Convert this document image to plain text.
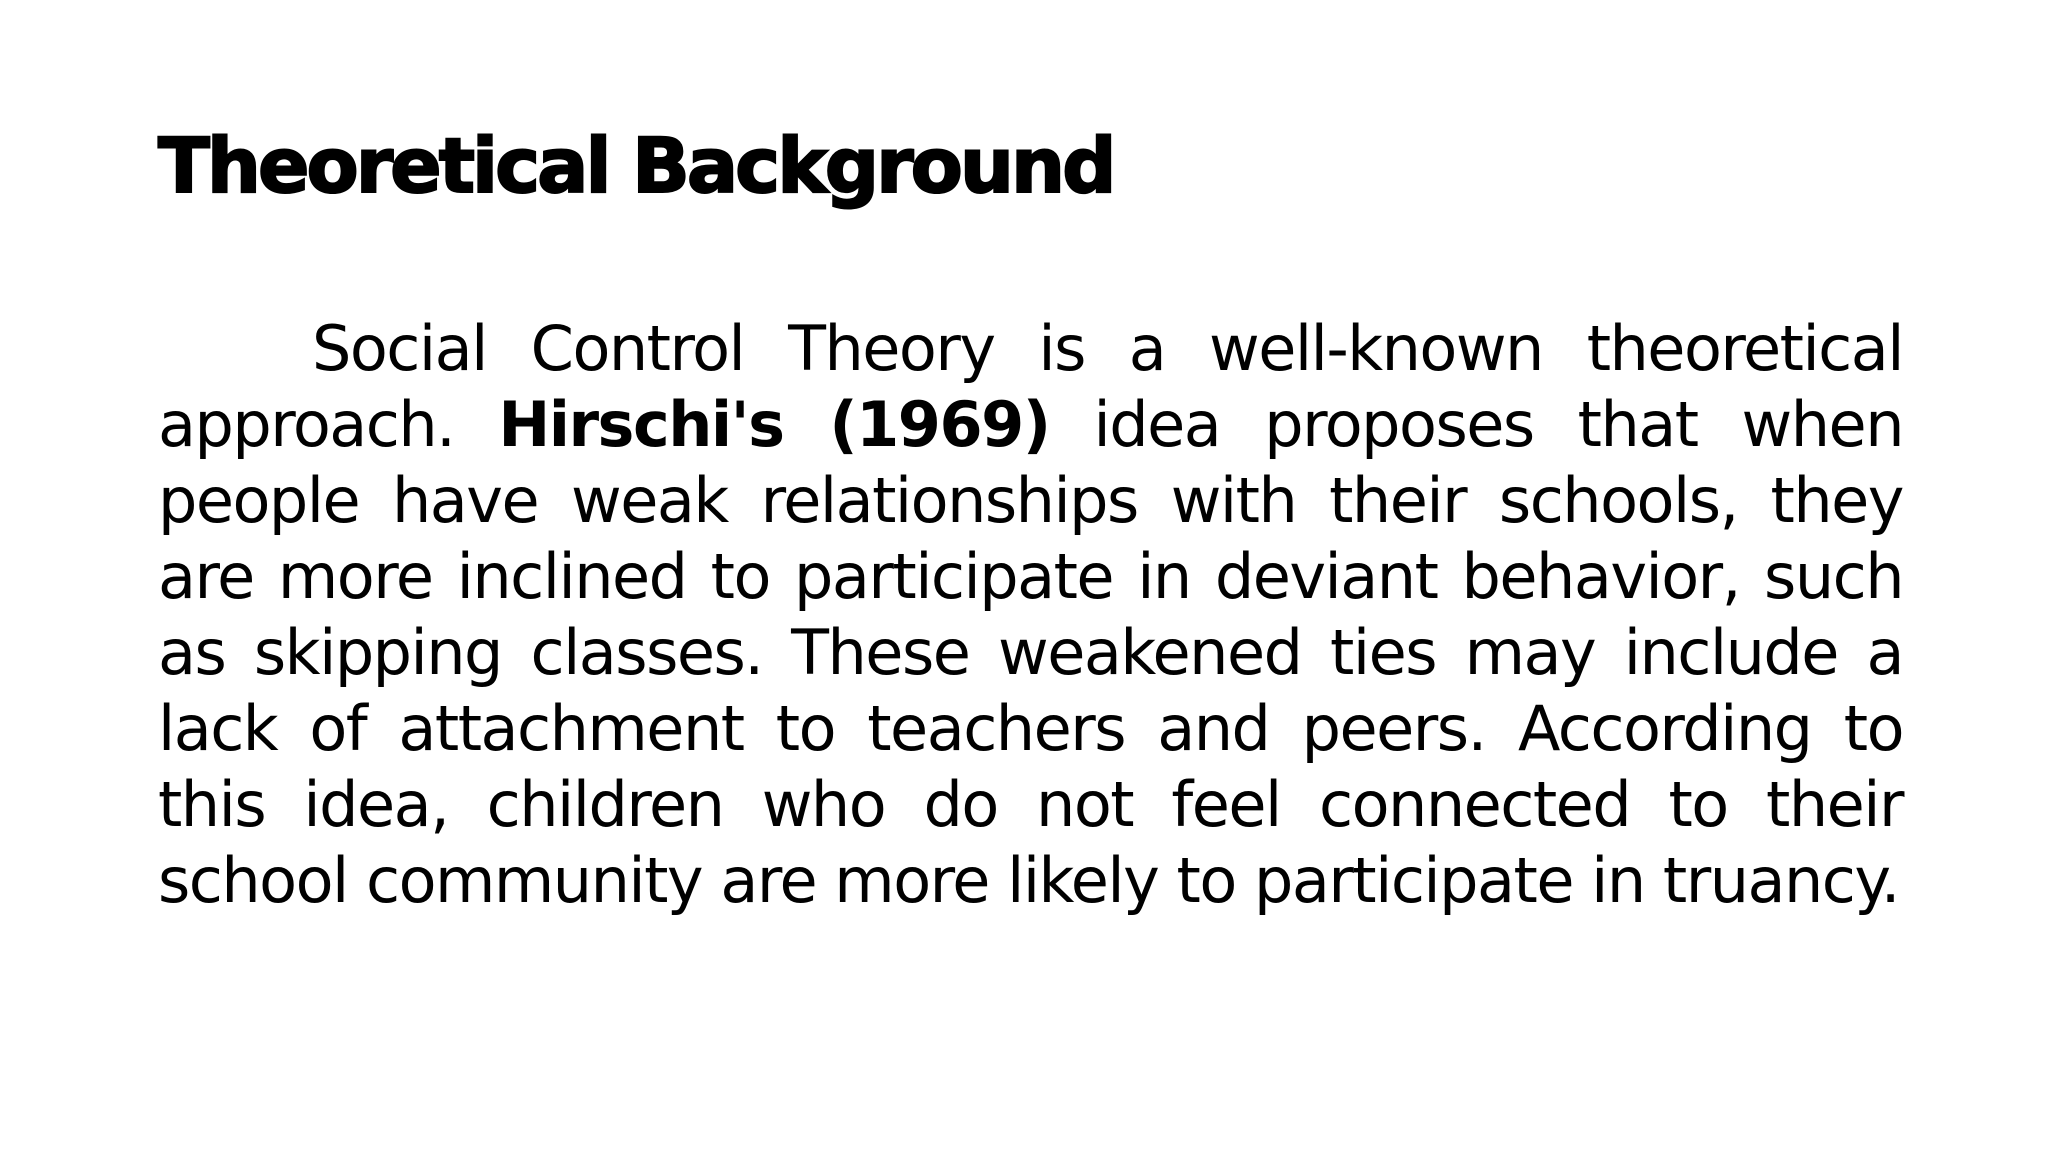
Theoretical Background

Social Control Theory is a well-known theoretical approach. Hirschi's (1969) idea proposes that when people have weak relationships with their schools, they are more inclined to participate in deviant behavior, such as skipping classes. These weakened ties may include a lack of attachment to teachers and peers. According to this idea, children who do not feel connected to their school community are more likely to participate in truancy.
